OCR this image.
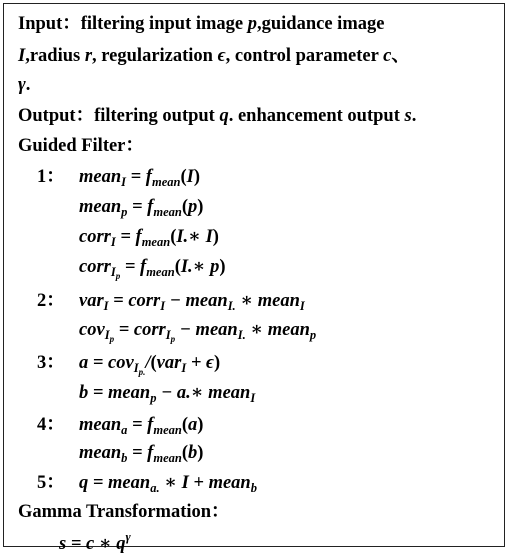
Input：filtering input image p,guidance image
I,radius r, regularization ϵ, control parameter c、
γ.
Output：filtering output q. enhancement output s.
Guided Filter：
1： mean$_I$ = $f_{mean}(I)$
mean$_p$ = $f_{mean}(p)$
corr$_I$ = $f_{mean}(I.∗$ I)
corr$_{I_p}$ = $f_{mean}(I.∗$ p)
2： var$_I$ = corr$_I$ − mean$_{I.}$ ∗ mean$_I$
cov$_{I_p}$ = corr$_{I_p}$ − mean$_{I.}$ ∗ mean$_p$
3： a = cov$_{I_{p.}}$/(var$_I$ + ϵ)
b = mean$_p$ − a.∗ mean$_I$
4： mean$_a$ = $f_{mean}(a)$
mean$_b$ = $f_{mean}(b)$
5： q = mean$_{a.}$ ∗ I + mean$_b$
Gamma Transformation：
s = c ∗ $q^\gamma$
